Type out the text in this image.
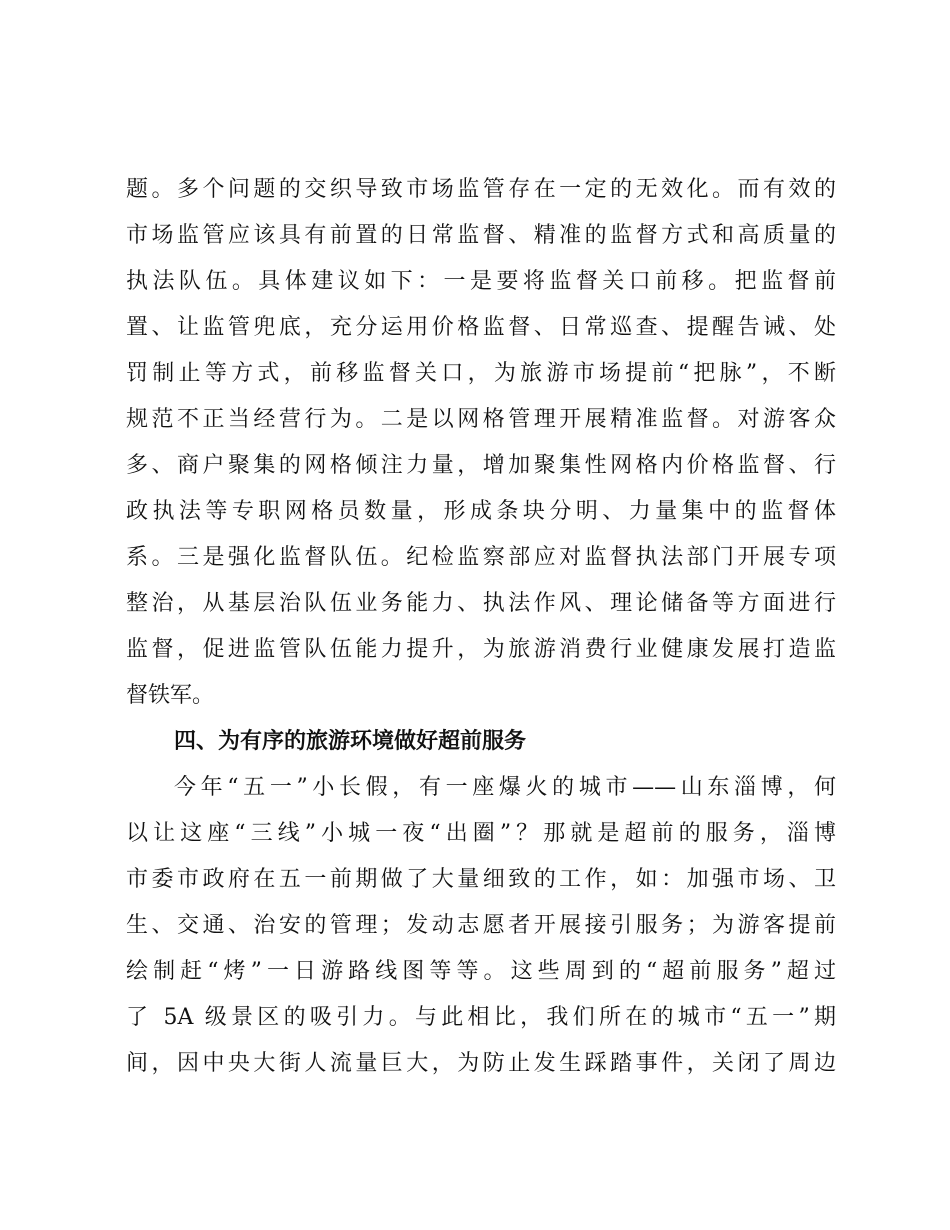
题。多个问题的交织导致市场监管存在一定的无效化。而有效的
市场监管应该具有前置的日常监督、精准的监督方式和高质量的
执法队伍。具体建议如下：一是要将监督关口前移。把监督前
置、让监管兜底，充分运用价格监督、日常巡查、提醒告诫、处
罚制止等方式，前移监督关口，为旅游市场提前“把脉”，不断
规范不正当经营行为。二是以网格管理开展精准监督。对游客众
多、商户聚集的网格倾注力量，增加聚集性网格内价格监督、行
政执法等专职网格员数量，形成条块分明、力量集中的监督体
系。三是强化监督队伍。纪检监察部应对监督执法部门开展专项
整治，从基层治队伍业务能力、执法作风、理论储备等方面进行
监督，促进监管队伍能力提升，为旅游消费行业健康发展打造监
督铁军。
四、为有序的旅游环境做好超前服务
今年“五一”小长假，有一座爆火的城市——山东淄博，何
以让这座“三线”小城一夜“出圈”？那就是超前的服务，淄博
市委市政府在五一前期做了大量细致的工作，如：加强市场、卫
生、交通、治安的管理；发动志愿者开展接引服务；为游客提前
绘制赶“烤”一日游路线图等等。这些周到的“超前服务”超过
了 5A 级景区的吸引力。与此相比，我们所在的城市“五一”期
间，因中央大街人流量巨大，为防止发生踩踏事件，关闭了周边
